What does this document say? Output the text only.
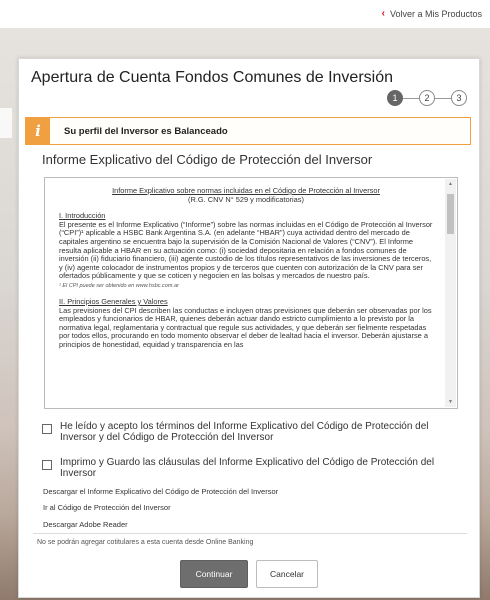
‹ Volver a Mis Productos
Apertura de Cuenta Fondos Comunes de Inversión
1	2	3
i	Su perfil del Inversor es Balanceado
Informe Explicativo del Código de Protección del Inversor
Informe Explicativo sobre normas incluidas en el Código de Protección al Inversor
(R.G. CNV N° 529 y modificatorias)
I. Introducción
El presente es el Informe Explicativo (“Informe”) sobre las normas incluidas en el Código de Protección al Inversor (“CPI”)¹ aplicable a HSBC Bank Argentina S.A. (en adelante “HBAR”) cuya actividad dentro del mercado de capitales argentino se encuentra bajo la supervisión de la Comisión Nacional de Valores (“CNV”). El Informe resulta aplicable a HBAR en su actuación como: (i) sociedad depositaria en relación a fondos comunes de inversión (ii) fiduciario financiero, (iii) agente custodio de los títulos representativos de las inversiones de terceros, y (iv) agente colocador de instrumentos propios y de terceros que cuenten con autorización de la CNV para ser ofertados públicamente y que se coticen y negocien en las bolsas y mercados de nuestro país.
¹ El CPI puede ser obtenido en www.hsbc.com.ar
II. Principios Generales y Valores
Las previsiones del CPI describen las conductas e incluyen otras previsiones que deberán ser observadas por los empleados y funcionarios de HBAR, quienes deberán actuar dando estricto cumplimiento a lo previsto por la normativa legal, reglamentaria y contractual que regule sus actividades, y que deberán ser fielmente respetadas por todos ellos, procurando en todo momento observar el deber de lealtad hacia el inversor. Deberán ajustarse a principios de honestidad, equidad y transparencia en las
▲
▼
He leído y acepto los términos del Informe Explicativo del Código de Protección del Inversor y del Código de Protección del Inversor
Imprimo y Guardo las cláusulas del Informe Explicativo del Código de Protección del Inversor
Descargar el Informe Explicativo del Código de Protección del Inversor
Ir al Código de Protección del Inversor
Descargar Adobe Reader
No se podrán agregar cotitulares a esta cuenta desde Online Banking
Continuar	Cancelar
